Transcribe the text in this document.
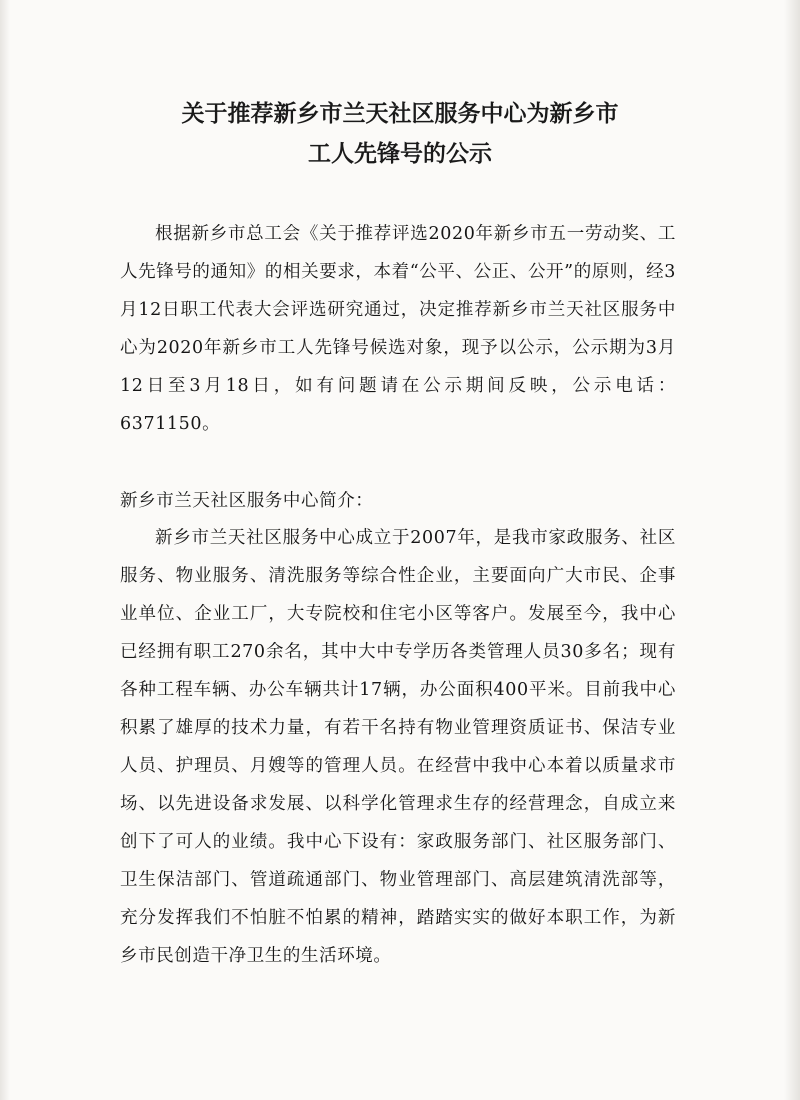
关于推荐新乡市兰天社区服务中心为新乡市
工人先锋号的公示

根据新乡市总工会《关于推荐评选2020年新乡市五一劳动奖、工人先锋号的通知》的相关要求，本着“公平、公正、公开”的原则，经3月12日职工代表大会评选研究通过，决定推荐新乡市兰天社区服务中心为2020年新乡市工人先锋号候选对象，现予以公示，公示期为3月12日至3月18日，如有问题请在公示期间反映，公示电话：6371150。

新乡市兰天社区服务中心简介：

新乡市兰天社区服务中心成立于2007年，是我市家政服务、社区服务、物业服务、清洗服务等综合性企业，主要面向广大市民、企事业单位、企业工厂，大专院校和住宅小区等客户。发展至今，我中心已经拥有职工270余名，其中大中专学历各类管理人员30多名；现有各种工程车辆、办公车辆共计17辆，办公面积400平米。目前我中心积累了雄厚的技术力量，有若干名持有物业管理资质证书、保洁专业人员、护理员、月嫂等的管理人员。在经营中我中心本着以质量求市场、以先进设备求发展、以科学化管理求生存的经营理念，自成立来创下了可人的业绩。我中心下设有：家政服务部门、社区服务部门、卫生保洁部门、管道疏通部门、物业管理部门、高层建筑清洗部等，充分发挥我们不怕脏不怕累的精神，踏踏实实的做好本职工作，为新乡市民创造干净卫生的生活环境。
